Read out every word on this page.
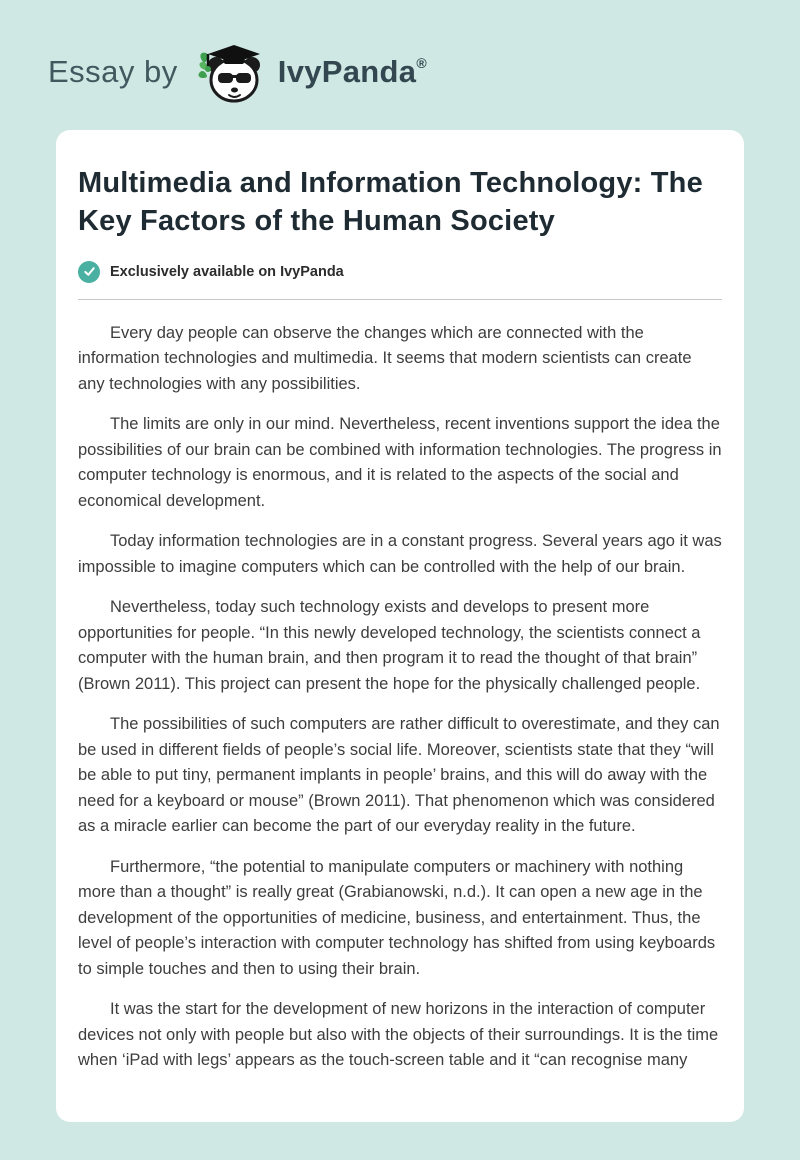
Essay by	IvyPanda®
Multimedia and Information Technology: The Key Factors of the Human Society
Exclusively available on IvyPanda

Every day people can observe the changes which are connected with the information technologies and multimedia. It seems that modern scientists can create any technologies with any possibilities.

The limits are only in our mind. Nevertheless, recent inventions support the idea the possibilities of our brain can be combined with information technologies. The progress in computer technology is enormous, and it is related to the aspects of the social and economical development.

Today information technologies are in a constant progress. Several years ago it was impossible to imagine computers which can be controlled with the help of our brain.

Nevertheless, today such technology exists and develops to present more opportunities for people. “In this newly developed technology, the scientists connect a computer with the human brain, and then program it to read the thought of that brain” (Brown 2011). This project can present the hope for the physically challenged people.

The possibilities of such computers are rather difficult to overestimate, and they can be used in different fields of people’s social life. Moreover, scientists state that they “will be able to put tiny, permanent implants in people’ brains, and this will do away with the need for a keyboard or mouse” (Brown 2011). That phenomenon which was considered as a miracle earlier can become the part of our everyday reality in the future.

Furthermore, “the potential to manipulate computers or machinery with nothing more than a thought” is really great (Grabianowski, n.d.). It can open a new age in the development of the opportunities of medicine, business, and entertainment. Thus, the level of people’s interaction with computer technology has shifted from using keyboards to simple touches and then to using their brain.

It was the start for the development of new horizons in the interaction of computer devices not only with people but also with the objects of their surroundings. It is the time when ‘iPad with legs’ appears as the touch-screen table and it “can recognise many
